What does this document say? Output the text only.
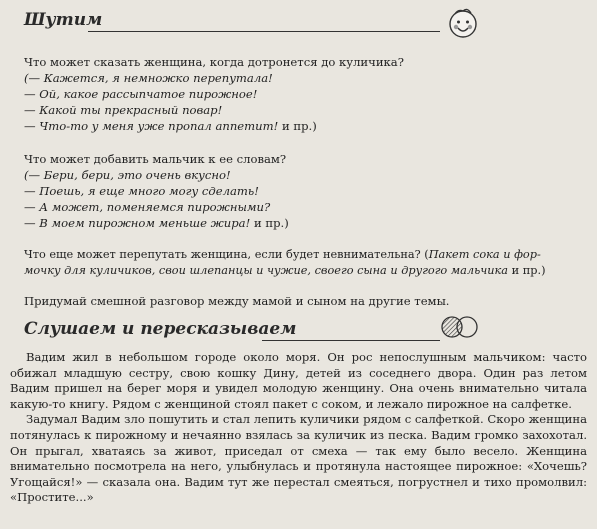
Шутим
Что может сказать женщина, когда дотронется до куличика?
(— Кажется, я немножко перепутала!
— Ой, какое рассыпчатое пирожное!
— Какой ты прекрасный повар!
— Что-то у меня уже пропал аппетит! и пр.)
Что может добавить мальчик к ее словам?
(— Бери, бери, это очень вкусно!
— Поешь, я еще много могу сделать!
— А может, поменяемся пирожными?
— В моем пирожном меньше жира! и пр.)
Что еще может перепутать женщина, если будет невнимательна? (Пакет сока и фор-
мочку для куличиков, свои шлепанцы и чужие, своего сына и другого мальчика и пр.)
Придумай смешной разговор между мамой и сыном на другие темы.
Слушаем и пересказываем

Вадим жил в небольшом городе около моря. Он рос непослушным мальчиком: часто обижал младшую сестру, свою кошку Дину, детей из соседнего двора. Один раз летом Вадим пришел на берег моря и увидел молодую женщину. Она очень внимательно читала какую-то книгу. Рядом с женщиной стоял пакет с соком, и лежало пирожное на салфетке.

Задумал Вадим зло пошутить и стал лепить куличики рядом с салфеткой. Скоро женщина потянулась к пирожному и нечаянно взялась за куличик из песка. Вадим громко захохотал. Он прыгал, хватаясь за живот, приседал от смеха — так ему было весело. Женщина внимательно посмотрела на него, улыбнулась и протянула настоящее пирожное: «Хочешь? Угощайся!» — сказала она. Вадим тут же перестал смеяться, погрустнел и тихо промолвил: «Простите...»
